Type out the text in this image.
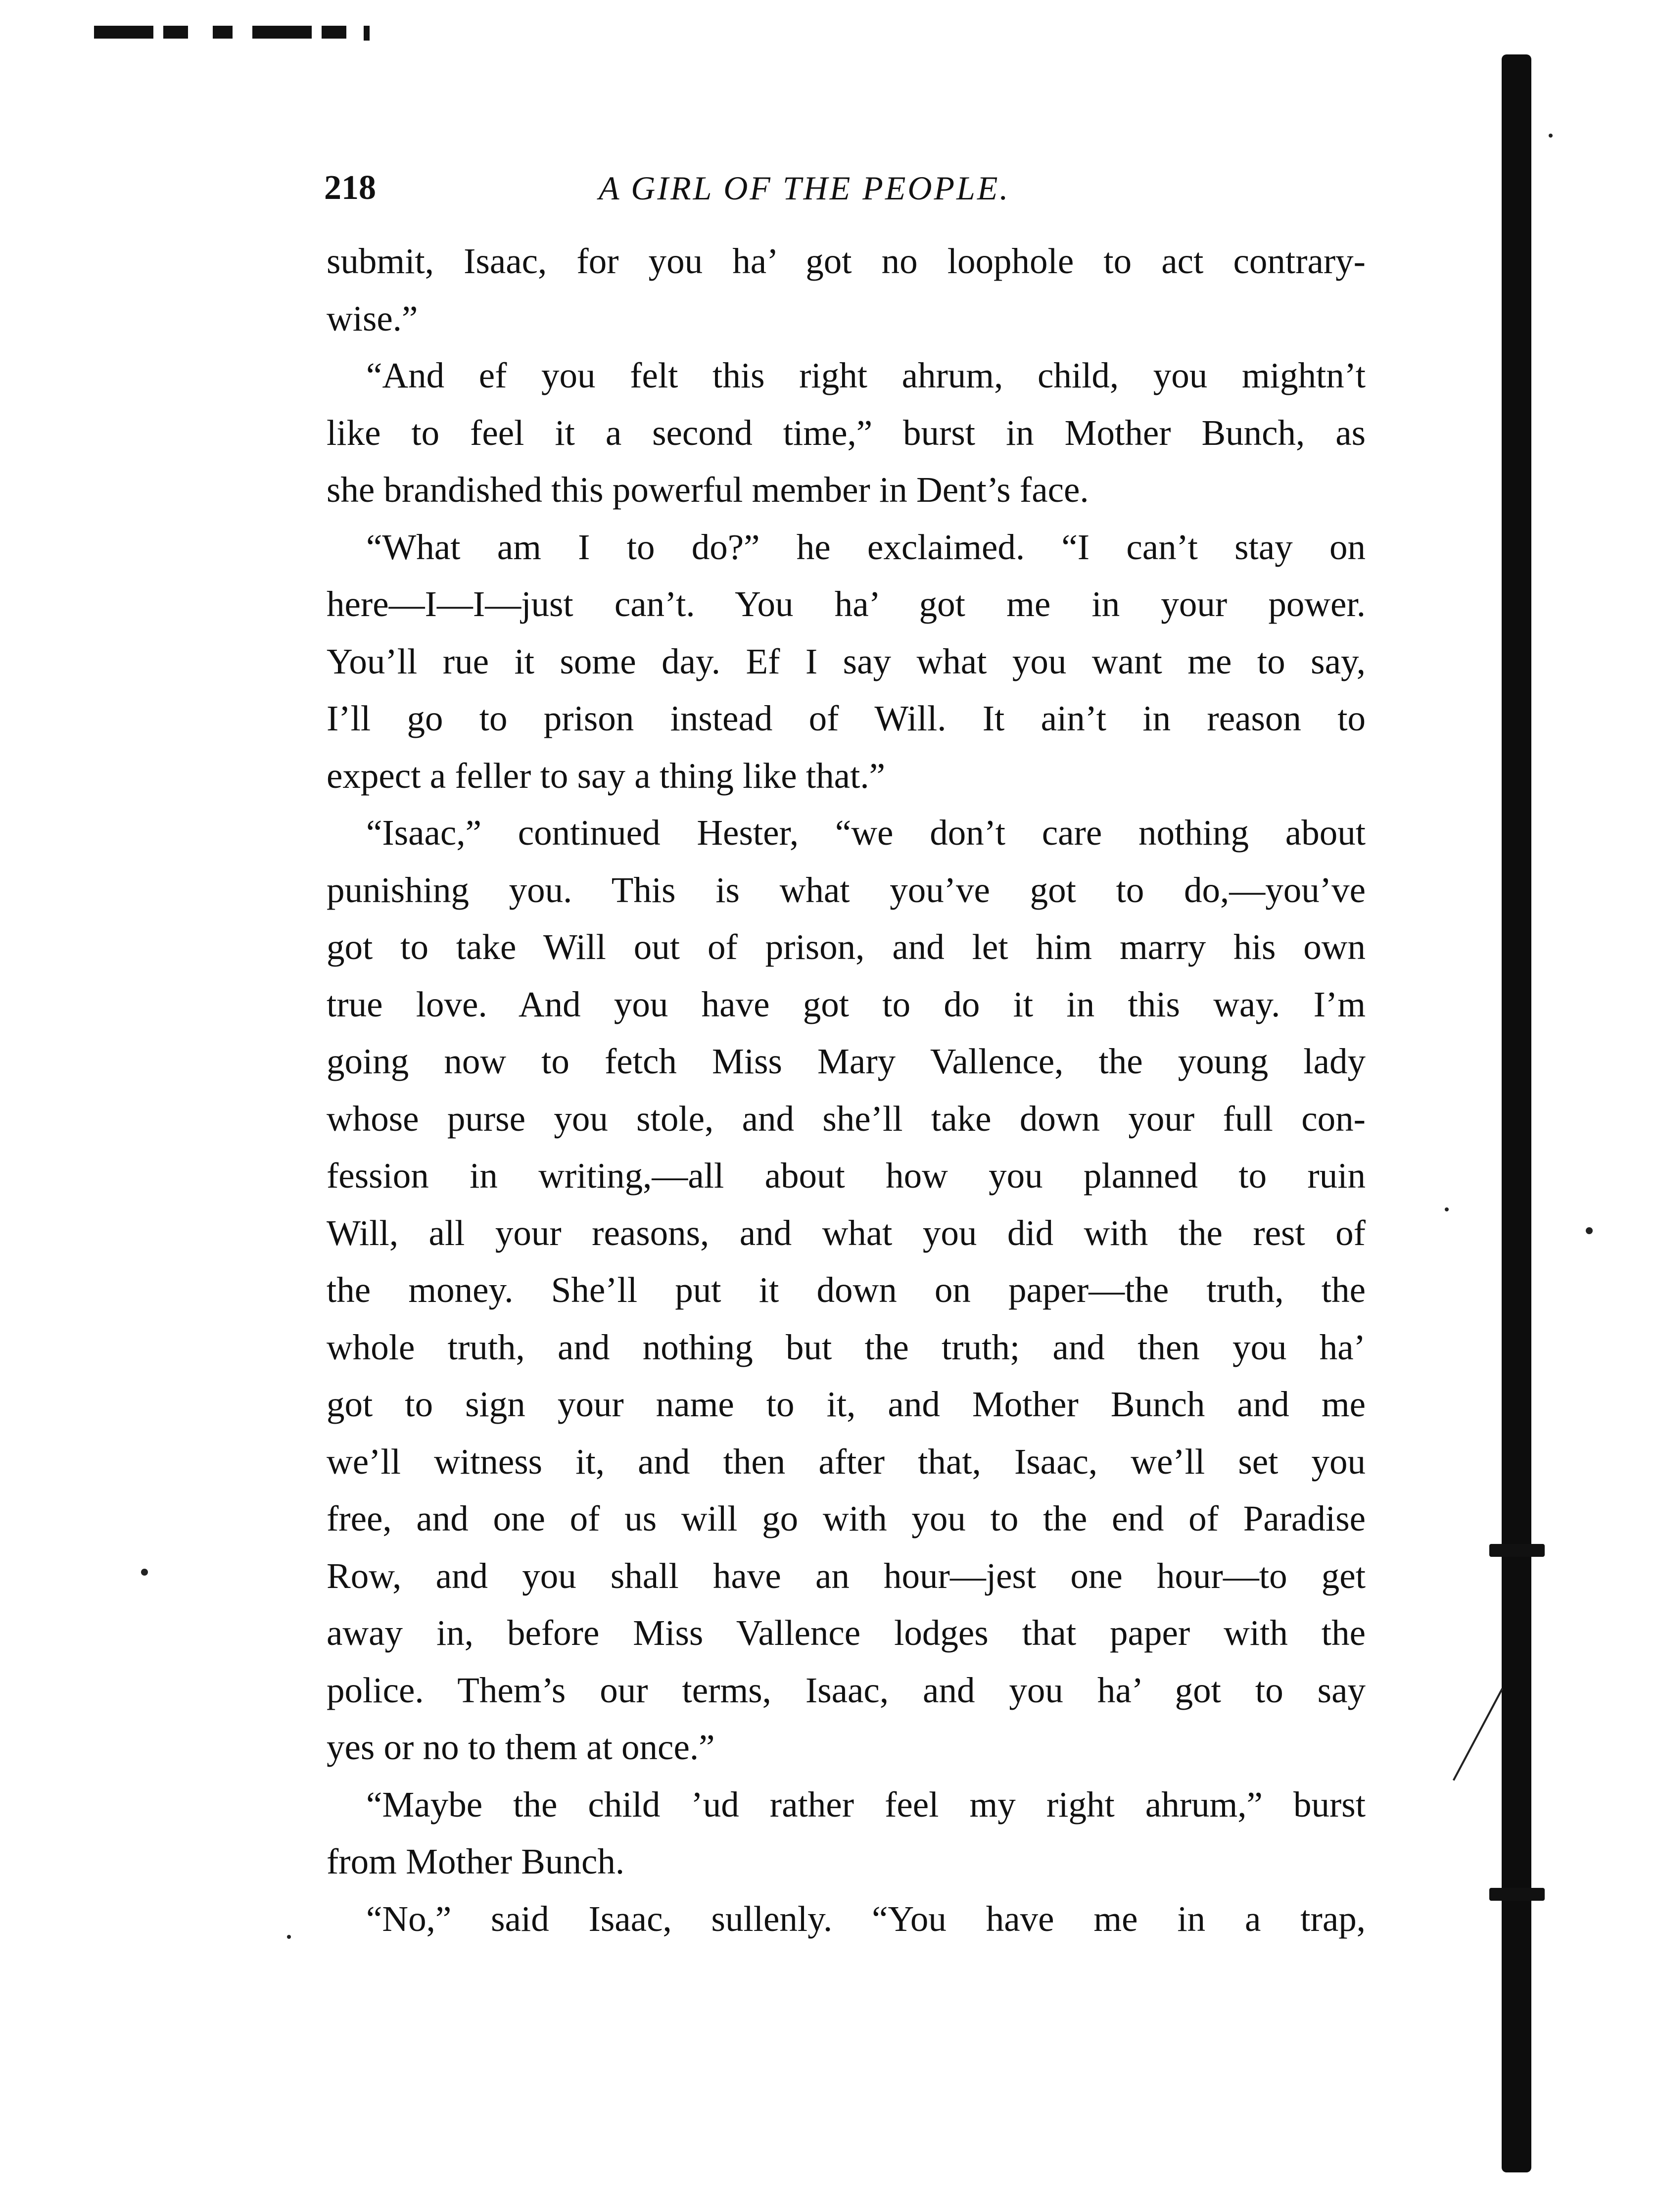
218	A GIRL OF THE PEOPLE.
submit, Isaac, for you ha’ got no loophole to act contrary-
wise.”
“And ef you felt this right ahrum, child, you mightn’t
like to feel it a second time,” burst in Mother Bunch, as
she brandished this powerful member in Dent’s face.
“What am I to do?” he exclaimed. “I can’t stay on
here—I—I—just can’t. You ha’ got me in your power.
You’ll rue it some day. Ef I say what you want me to say,
I’ll go to prison instead of Will. It ain’t in reason to
expect a feller to say a thing like that.”
“Isaac,” continued Hester, “we don’t care nothing about
punishing you. This is what you’ve got to do,—you’ve
got to take Will out of prison, and let him marry his own
true love. And you have got to do it in this way. I’m
going now to fetch Miss Mary Vallence, the young lady
whose purse you stole, and she’ll take down your full con-
fession in writing,—all about how you planned to ruin
Will, all your reasons, and what you did with the rest of
the money. She’ll put it down on paper—the truth, the
whole truth, and nothing but the truth; and then you ha’
got to sign your name to it, and Mother Bunch and me
we’ll witness it, and then after that, Isaac, we’ll set you
free, and one of us will go with you to the end of Paradise
Row, and you shall have an hour—jest one hour—to get
away in, before Miss Vallence lodges that paper with the
police. Them’s our terms, Isaac, and you ha’ got to say
yes or no to them at once.”
“Maybe the child ’ud rather feel my right ahrum,” burst
from Mother Bunch.
“No,” said Isaac, sullenly. “You have me in a trap,
